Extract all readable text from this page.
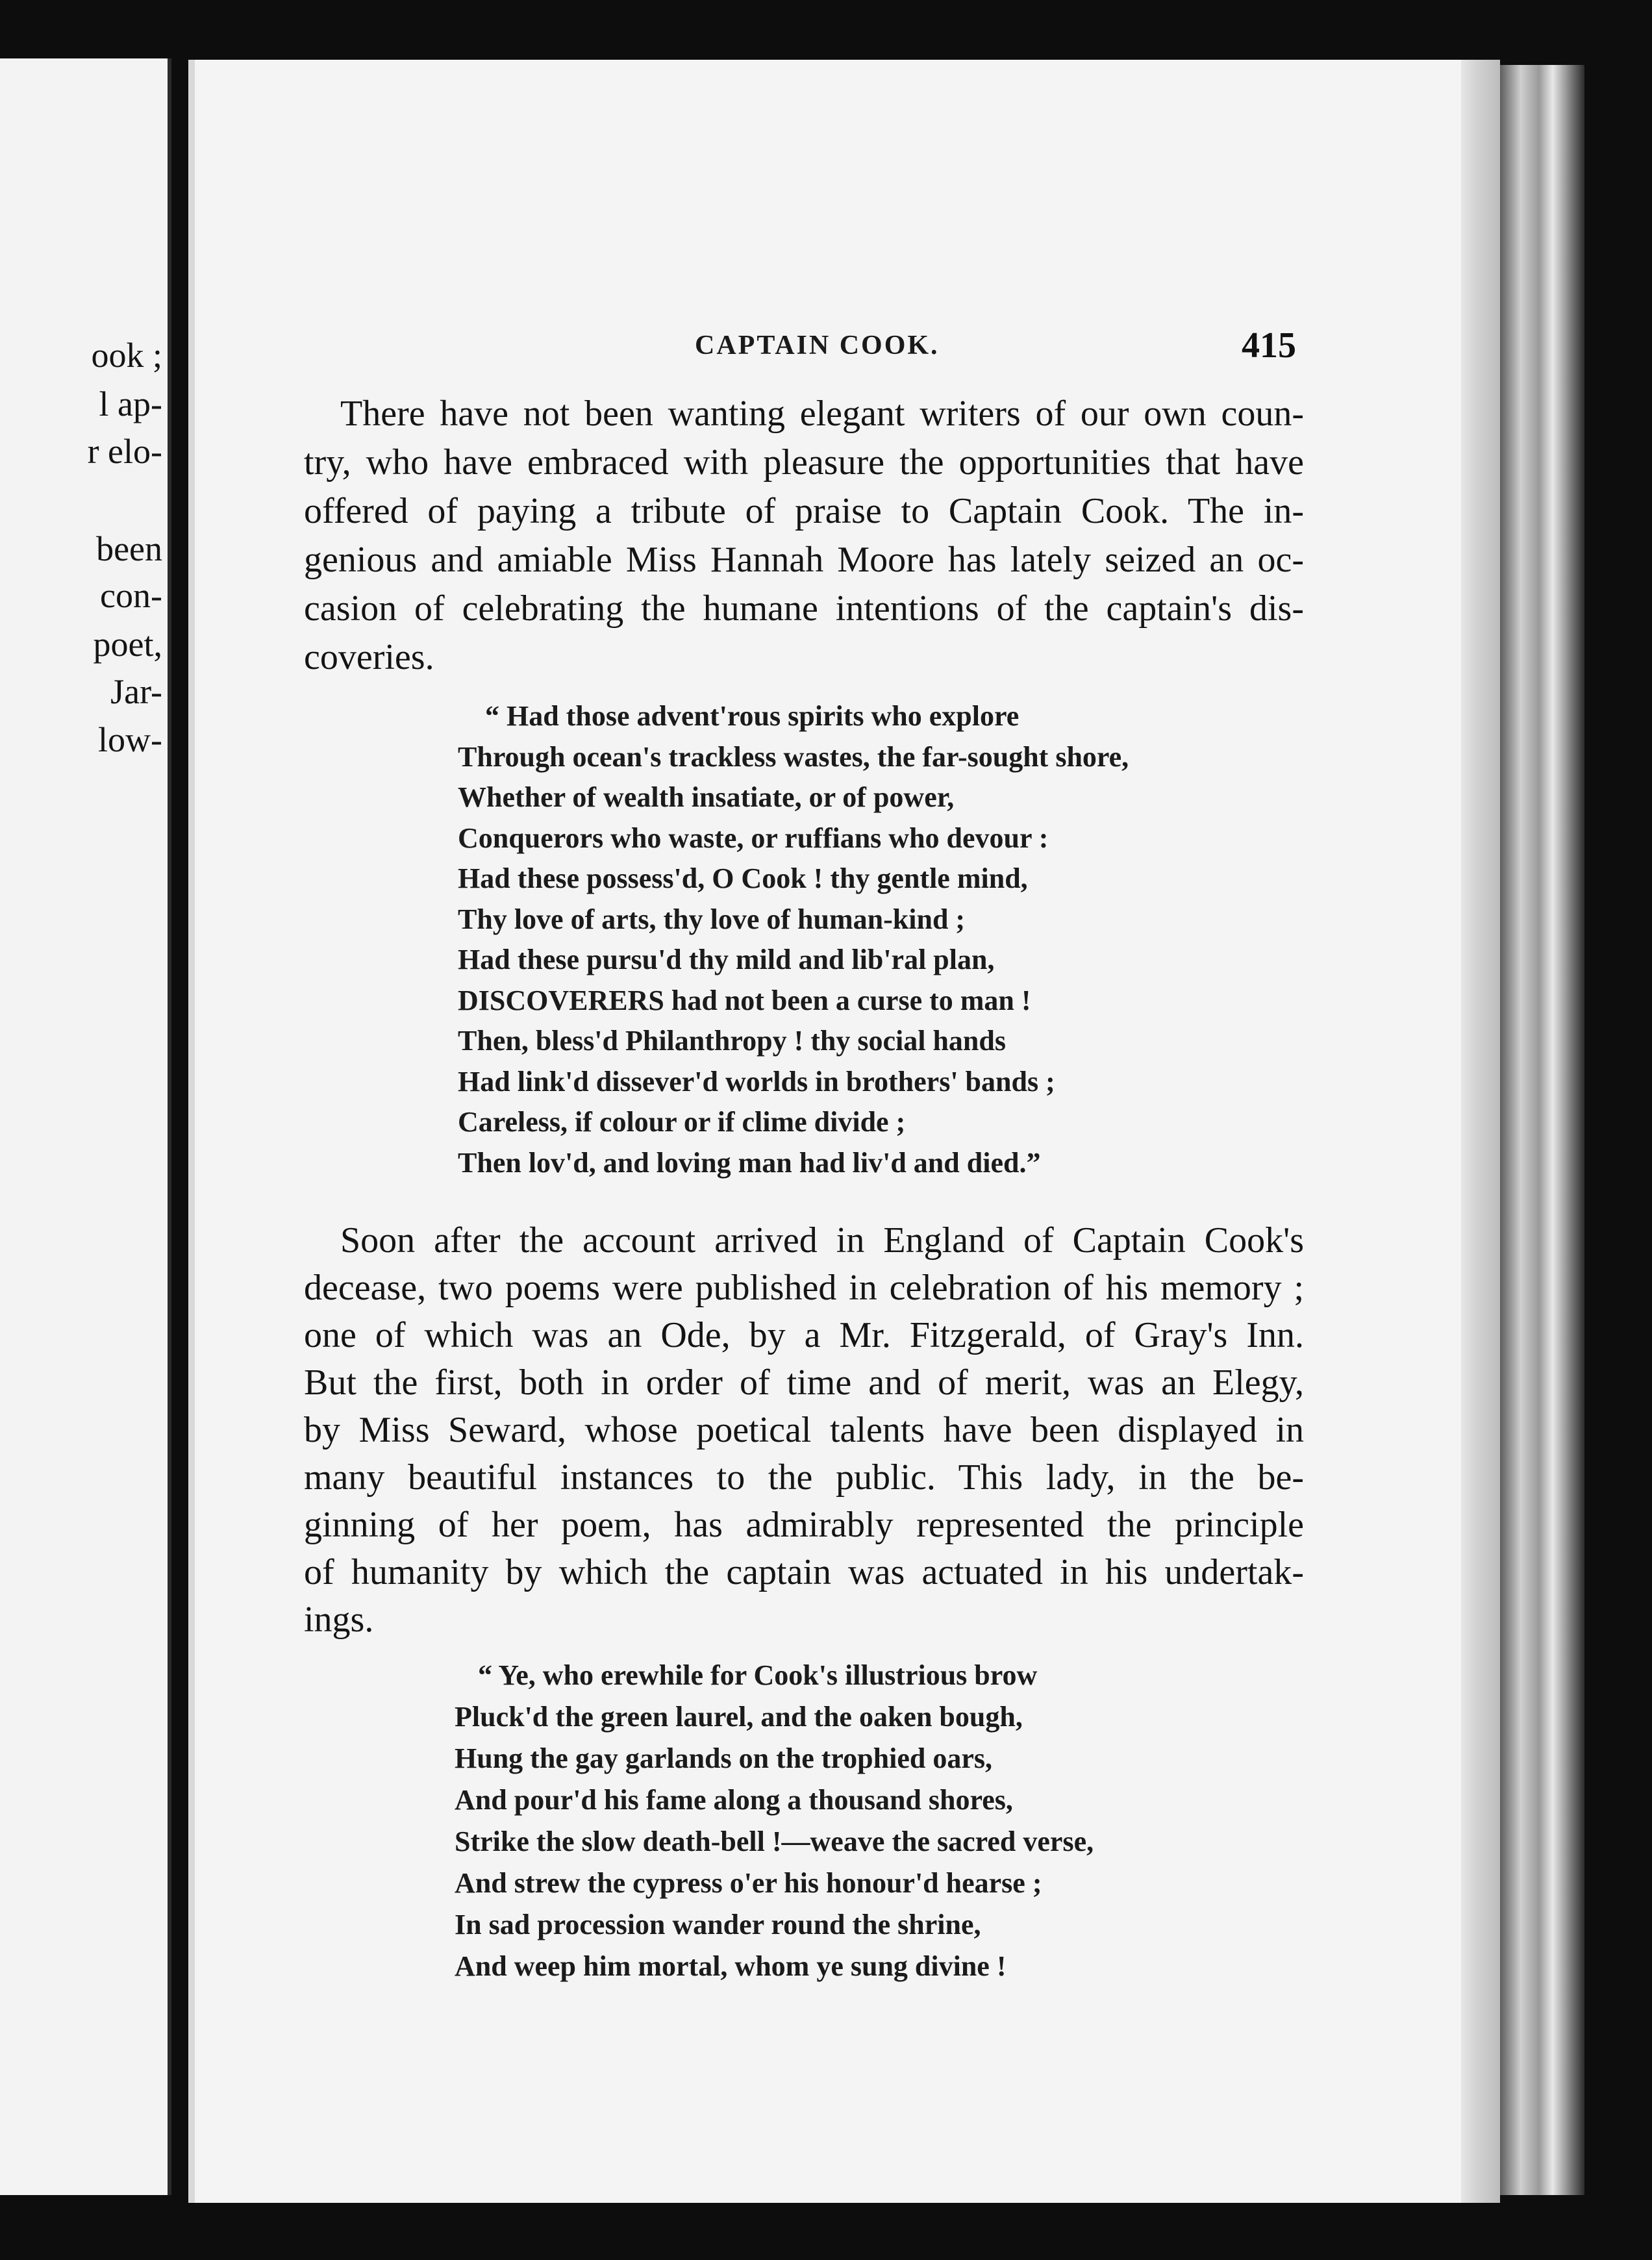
ook ;
l ap-
r elo-
been
con-
poet,
Jar-
low-
CAPTAIN COOK.	415

There have not been wanting elegant writers of our own coun-
try, who have embraced with pleasure the opportunities that have
offered of paying a tribute of praise to Captain Cook. The in-
genious and amiable Miss Hannah Moore has lately seized an oc-
casion of celebrating the humane intentions of the captain's dis-
coveries.

“ Had those advent'rous spirits who explore
Through ocean's trackless wastes, the far-sought shore,
Whether of wealth insatiate, or of power,
Conquerors who waste, or ruffians who devour :
Had these possess'd, O Cook ! thy gentle mind,
Thy love of arts, thy love of human-kind ;
Had these pursu'd thy mild and lib'ral plan,
DISCOVERERS had not been a curse to man !
Then, bless'd Philanthropy ! thy social hands
Had link'd dissever'd worlds in brothers' bands ;
Careless, if colour or if clime divide ;
Then lov'd, and loving man had liv'd and died.”

Soon after the account arrived in England of Captain Cook's
decease, two poems were published in celebration of his memory ;
one of which was an Ode, by a Mr. Fitzgerald, of Gray's Inn.
But the first, both in order of time and of merit, was an Elegy,
by Miss Seward, whose poetical talents have been displayed in
many beautiful instances to the public. This lady, in the be-
ginning of her poem, has admirably represented the principle
of humanity by which the captain was actuated in his undertak-
ings.

“ Ye, who erewhile for Cook's illustrious brow
Pluck'd the green laurel, and the oaken bough,
Hung the gay garlands on the trophied oars,
And pour'd his fame along a thousand shores,
Strike the slow death-bell !—weave the sacred verse,
And strew the cypress o'er his honour'd hearse ;
In sad procession wander round the shrine,
And weep him mortal, whom ye sung divine !
